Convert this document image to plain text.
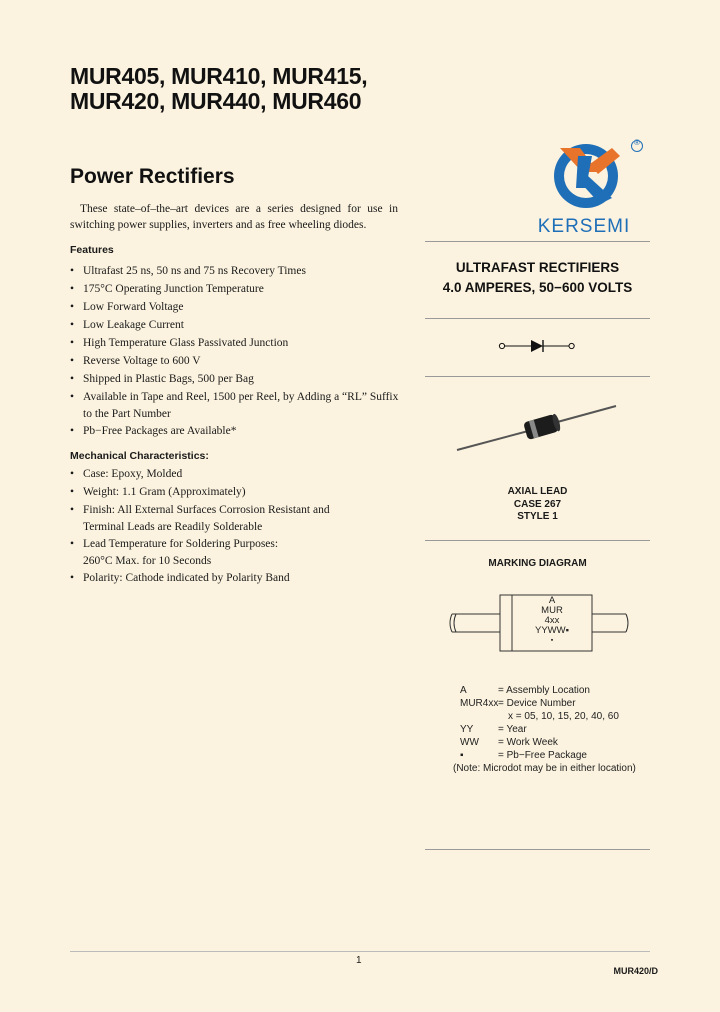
MUR405, MUR410, MUR415,
MUR420, MUR440, MUR460
Power Rectifiers
These state–of–the–art devices are a series designed for use in switching power supplies, inverters and as free wheeling diodes.
Features
• Ultrafast 25 ns, 50 ns and 75 ns Recovery Times
• 175°C Operating Junction Temperature
• Low Forward Voltage
• Low Leakage Current
• High Temperature Glass Passivated Junction
• Reverse Voltage to 600 V
• Shipped in Plastic Bags, 500 per Bag
• Available in Tape and Reel, 1500 per Reel, by Adding a “RL” Suffix
to the Part Number
• Pb−Free Packages are Available*
Mechanical Characteristics:
• Case: Epoxy, Molded
• Weight: 1.1 Gram (Approximately)
• Finish: All External Surfaces Corrosion Resistant and
Terminal Leads are Readily Solderable
• Lead Temperature for Soldering Purposes:
260°C Max. for 10 Seconds
• Polarity: Cathode indicated by Polarity Band
®
KERSEMI
ULTRAFAST RECTIFIERS
4.0 AMPERES, 50−600 VOLTS
AXIAL LEAD
CASE 267
STYLE 1
MARKING DIAGRAM
A
MUR
4xx
YYWW▪
▪
A	= Assembly Location
MUR4xx= Device Number
x = 05, 10, 15, 20, 40, 60
YY = Year
WW = Work Week
▪	= Pb−Free Package
(Note: Microdot may be in either location)
1
MUR420/D
